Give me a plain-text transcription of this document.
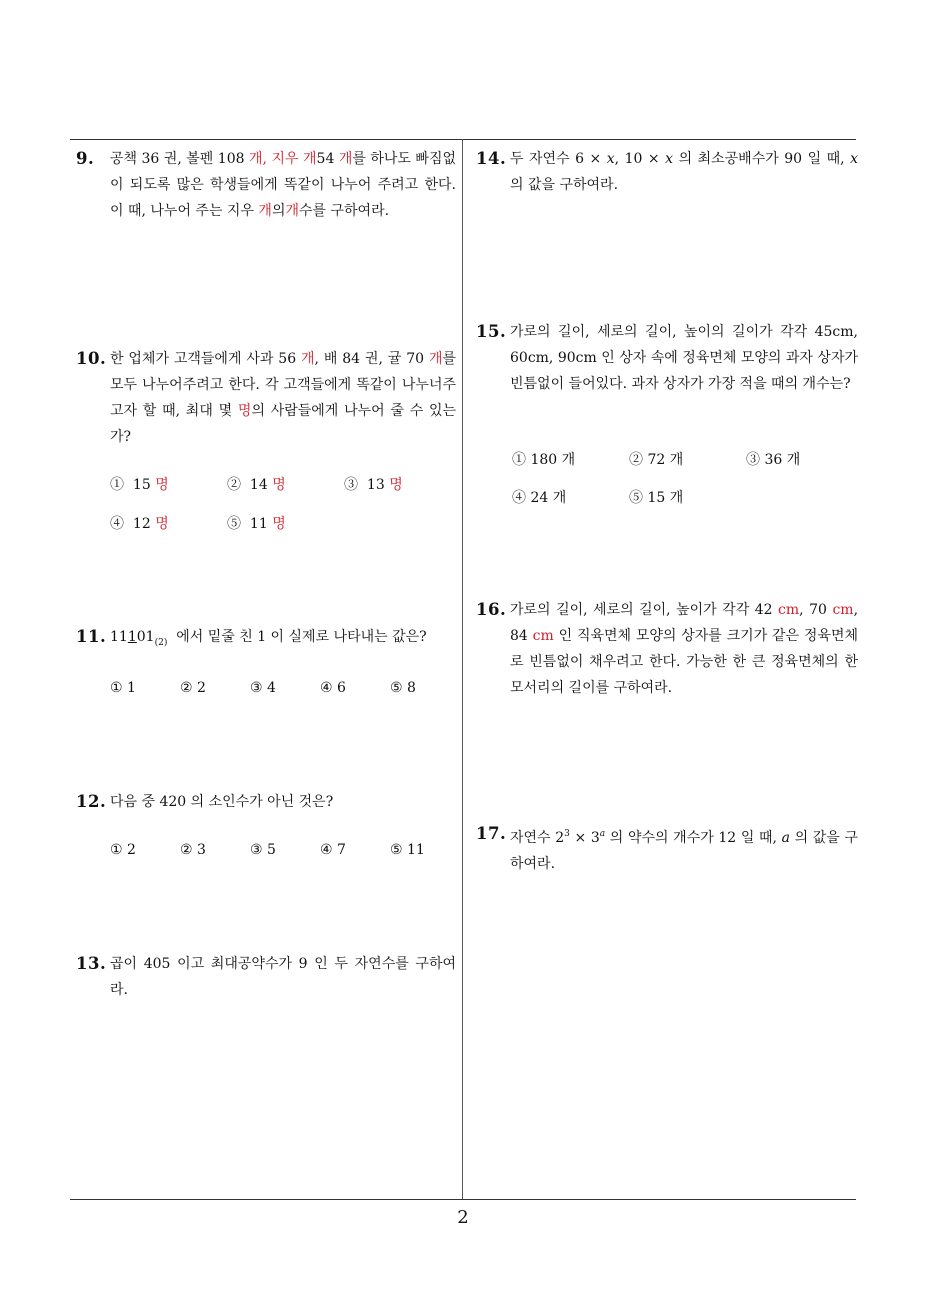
9. 공책 36 권, 볼펜 108 개, 지우 개54 개를 하나도 빠짐없이 되도록 많은 학생들에게 똑같이 나누어 주려고 한다. 이 때, 나누어 주는 지우 개의개수를 구하여라.
10. 한 업체가 고객들에게 사과 56 개, 배 84 권, 귤 70 개를 모두 나누어주려고 한다. 각 고객들에게 똑같이 나누너주고자 할 때, 최대 몇 명의 사람들에게 나누어 줄 수 있는가?
① 15 명	② 14 명	③ 13 명
④ 12 명	⑤ 11 명
11. $11101_{(2)}$ 에서 밑줄 친 1 이 실제로 나타내는 값은?
① 1	② 2	③ 4	④ 6	⑤ 8
12. 다음 중 420 의 소인수가 아닌 것은?
① 2	② 3	③ 5	④ 7	⑤ 11
13. 곱이 405 이고 최대공약수가 9 인 두 자연수를 구하여라.
14. 두 자연수 6 × x, 10 × x 의 최소공배수가 90 일 때, x 의 값을 구하여라.
15. 가로의 길이, 세로의 길이, 높이의 길이가 각각 45cm, 60cm, 90cm 인 상자 속에 정육면체 모양의 과자 상자가 빈틈없이 들어있다. 과자 상자가 가장 적을 때의 개수는?
① 180 개	② 72 개	③ 36 개
④ 24 개	⑤ 15 개
16. 가로의 길이, 세로의 길이, 높이가 각각 42 cm, 70 cm, 84 cm 인 직육면체 모양의 상자를 크기가 같은 정육면체로 빈틈없이 채우려고 한다. 가능한 한 큰 정육면체의 한 모서리의 길이를 구하여라.
17. 자연수 $2^3 \times 3^a$ 의 약수의 개수가 12 일 때, a 의 값을 구하여라.
2
